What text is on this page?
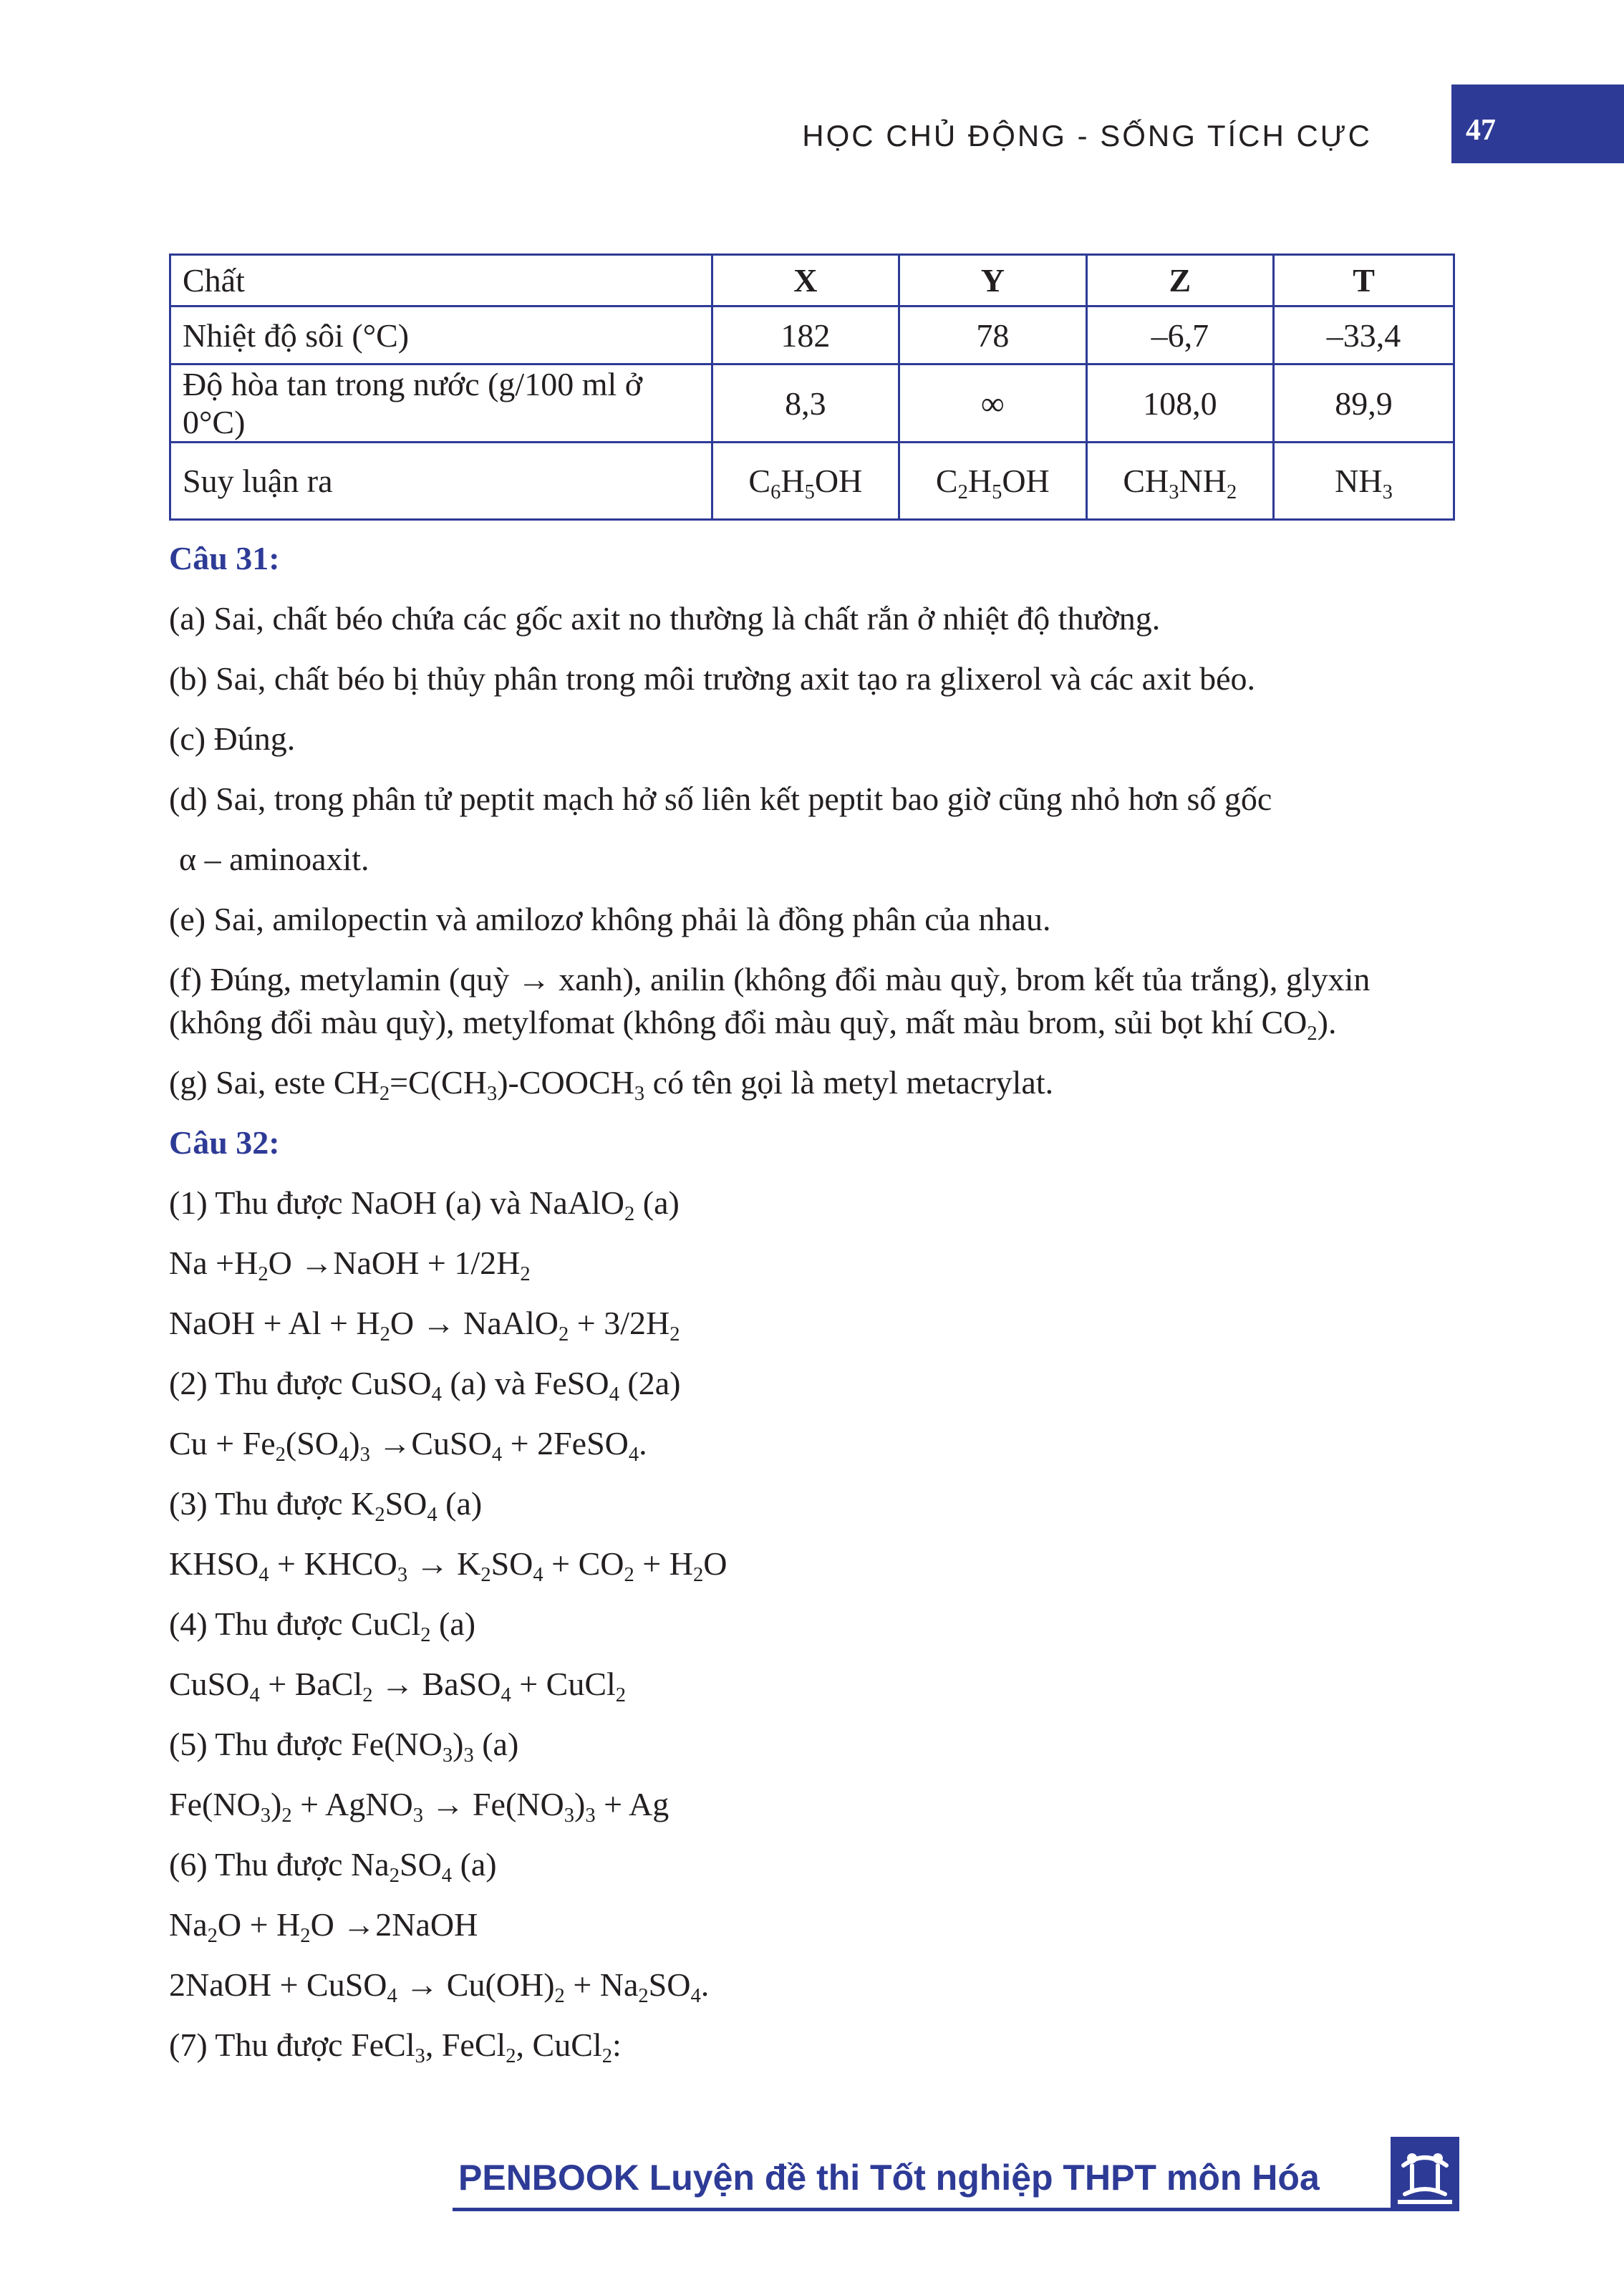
HỌC CHỦ ĐỘNG - SỐNG TÍCH CỰC	47
Chất	X	Y	Z	T
Nhiệt độ sôi (°C)	182	78	–6,7	–33,4
Độ hòa tan trong nước (g/100 ml ở 0°C)	8,3	∞	108,0	89,9
Suy luận ra	$C_6H_5OH$	$C_2H_5OH$	$CH_3NH_2$	$NH_3$
Câu 31:
(a) Sai, chất béo chứa các gốc axit no thường là chất rắn ở nhiệt độ thường.
(b) Sai, chất béo bị thủy phân trong môi trường axit tạo ra glixerol và các axit béo.
(c) Đúng.
(d) Sai, trong phân tử peptit mạch hở số liên kết peptit bao giờ cũng nhỏ hơn số gốc
α – aminoaxit.
(e) Sai, amilopectin và amilozơ không phải là đồng phân của nhau.
(f) Đúng, metylamin (quỳ → xanh), anilin (không đổi màu quỳ, brom kết tủa trắng), glyxin
(không đổi màu quỳ), metylfomat (không đổi màu quỳ, mất màu brom, sủi bọt khí $CO_2$).
(g) Sai, este $CH_2=C(CH_3)-COOCH_3$ có tên gọi là metyl metacrylat.
Câu 32:
(1) Thu được NaOH (a) và NaAlO$_2$ (a)
$Na +H_2O$ →NaOH + $1/2H_2$
NaOH + $Al + H_2O$ → NaAlO$_2$ + $3/2H_2$
(2) Thu được CuSO$_4$ (a) và FeSO$_4$ (2a)
$Cu + Fe_2(SO_4)_3$ →CuSO$_4$ + 2FeSO$_4$.
(3) Thu được $K_2SO_4$ (a)
$KHSO_4$ + $KHCO_3 \to K_2SO_4 + CO_2 + H_2O$
(4) Thu được CuCl$_2$ (a)
CuSO$_4$ + BaCl$_2$ → BaSO$_4$ + CuCl$_2$
(5) Thu được $Fe(NO_3)_3$ (a)
$Fe(NO_3)_2$ + AgNO$_3$ → $Fe(NO_3)_3 + Ag$
(6) Thu được $Na_2SO_4$ (a)
$Na_2O + H_2O$ →2NaOH
2NaOH + CuSO$_4$ → $Cu(OH)_2 + Na_2SO_4$.
(7) Thu được FeCl$_3$, FeCl$_2$, CuCl$_2$:
PENBOOK Luyện đề thi Tốt nghiệp THPT môn Hóa
